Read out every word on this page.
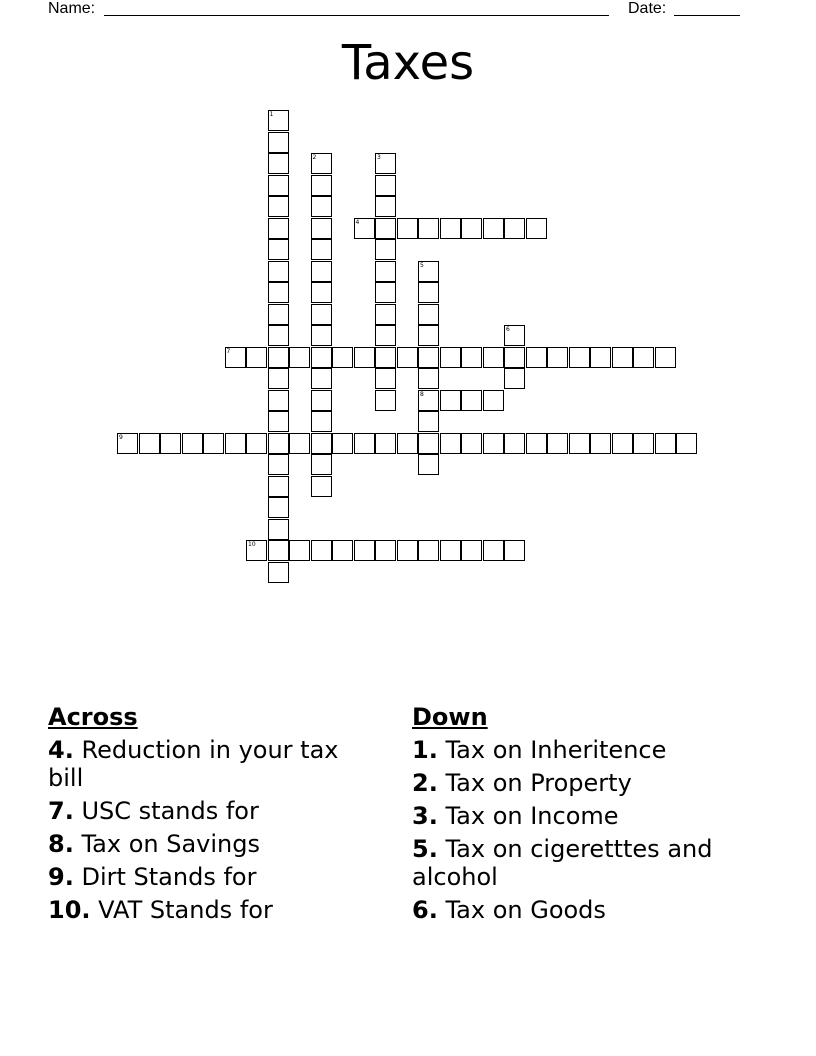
Name:	Date:
Taxes
1
2	3
4
5
8
6
7
9
10
Across
4. Reduction in your tax bill
7. USC stands for
8. Tax on Savings
9. Dirt Stands for
10. VAT Stands for
Down
1. Tax on Inheritence
2. Tax on Property
3. Tax on Income
5. Tax on cigeretttes and alcohol
6. Tax on Goods
